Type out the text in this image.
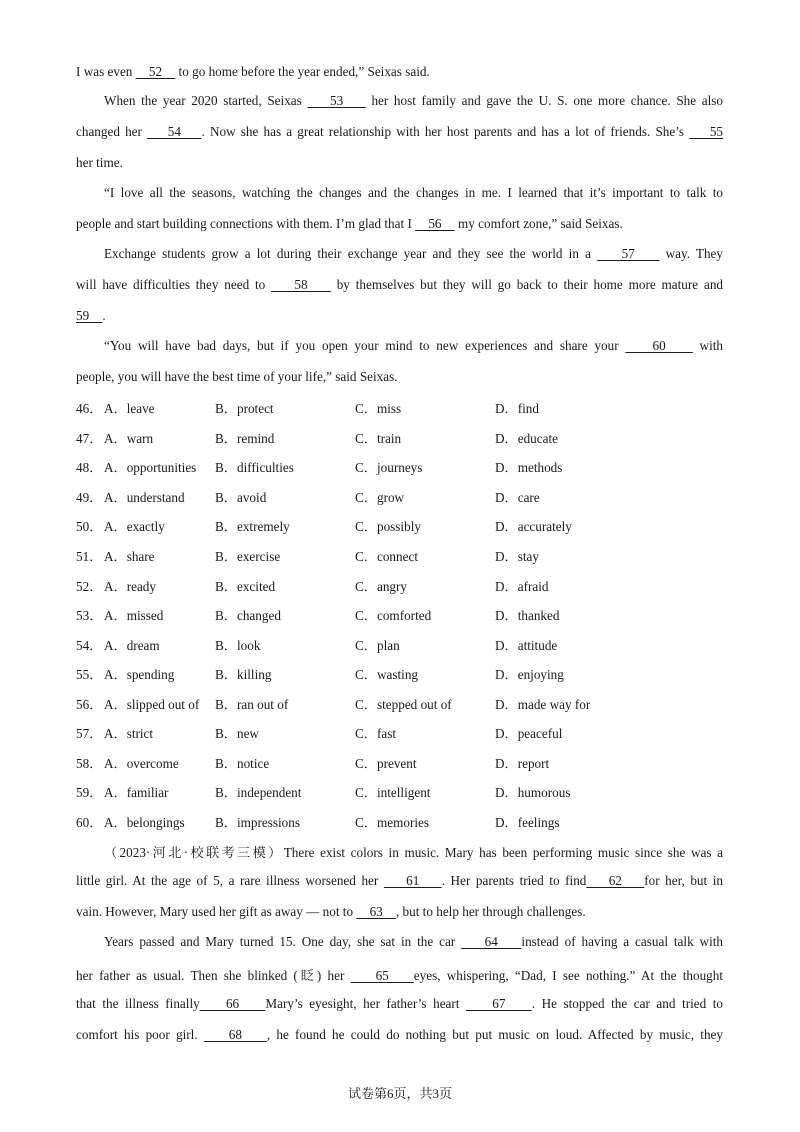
I was even     52     to go home before the year ended,” Seixas said.
When the year 2020 started, Seixas     53     her host family and gave the U. S. one more chance. She also
changed her     54    . Now she has a great relationship with her host parents and has a lot of friends. She’s     55
her time.
“I love all the seasons, watching the changes and the changes in me. I learned that it’s important to talk to
people and start building connections with them. I’m glad that I     56     my comfort zone,” said Seixas.
Exchange students grow a lot during their exchange year and they see the world in a     57     way. They
will have difficulties they need to     58     by themselves but they will go back to their home more mature and
59    .
“You will have bad days, but if you open your mind to new experiences and share your     60     with
people, you will have the best time of your life,” said Seixas.
46． A．leave	B．protect	C．miss	D．find
47． A．warn	B．remind	C．train	D．educate
48． A．opportunities B．difficulties	C．journeys	D．methods
49． A．understand B．avoid	C．grow	D．care
50． A．exactly	B．extremely	C．possibly	D．accurately
51． A．share	B．exercise	C．connect	D．stay
52． A．ready	B．excited	C．angry	D．afraid
53． A．missed	B．changed	C．comforted	D．thanked
54． A．dream	B．look	C．plan	D．attitude
55． A．spending	B．killing	C．wasting	D．enjoying
56． A．slipped out of B．ran out of	C．stepped out of	D．made way for
57． A．strict	B．new	C．fast	D．peaceful
58． A．overcome	B．notice	C．prevent	D．report
59． A．familiar	B．independent	C．intelligent	D．humorous
60． A．belongings B．impressions	C．memories	D．feelings
（2023·河北·校联考三模）There exist colors in music. Mary has been performing music since she was a
little girl. At the age of 5, a rare illness worsened her     61    . Her parents tried to find    62    for her, but in
vain. However, Mary used her gift as away — not to     63    , but to help her through challenges.
Years passed and Mary turned 15. One day, she sat in the car     64    instead of having a casual talk with
her father as usual. Then she blinked (眨) her     65    eyes, whispering, “Dad, I see nothing.” At the thought
that the illness finally    66    Mary’s eyesight, her father’s heart     67    . He stopped the car and tried to
comfort his poor girl.     68    , he found he could do nothing but put music on loud. Affected by music, they
试卷第6页，共3页
